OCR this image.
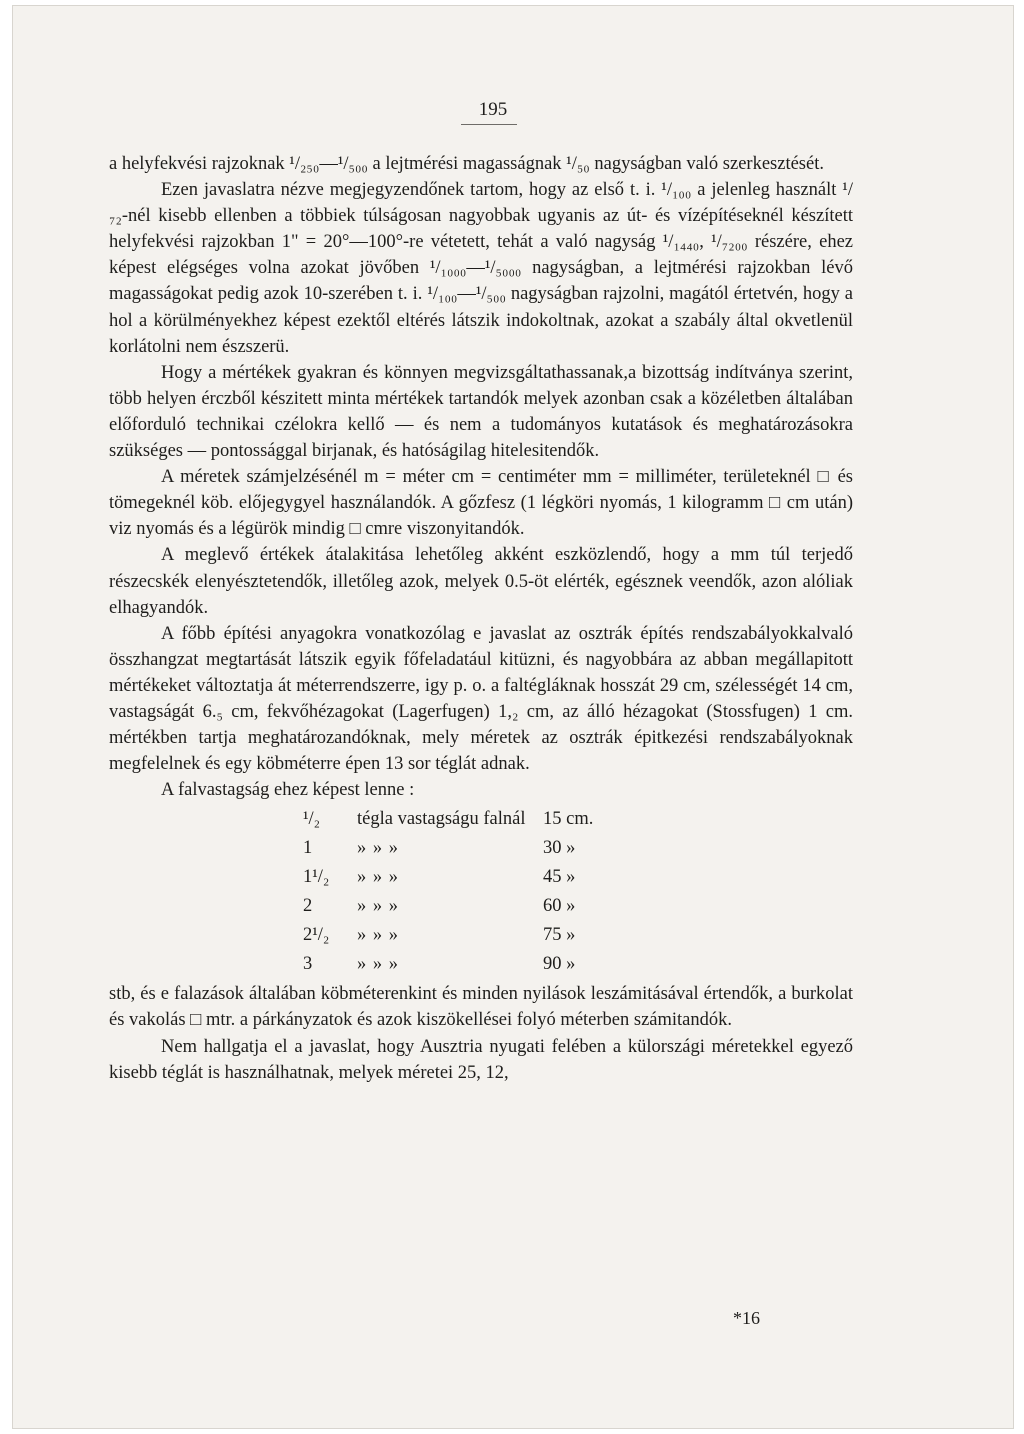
195

a helyfekvési rajzoknak ¹/₂₅₀—¹/₅₀₀ a lejtmérési magasságnak ¹/₅₀ nagyságban való szerkesztését.

Ezen javaslatra nézve megjegyzendőnek tartom, hogy az első t. i. ¹/₁₀₀ a jelenleg használt ¹/₇₂-nél kisebb ellenben a többiek túlságosan nagyobbak ugyanis az út- és vízépítéseknél készített helyfekvési rajzokban 1" = 20°—100°-re vétetett, tehát a való nagyság ¹/₁₄₄₀, ¹/₇₂₀₀ részére, ehez képest elégséges volna azokat jövőben ¹/₁₀₀₀—¹/₅₀₀₀ nagyságban, a lejtmérési rajzokban lévő magasságokat pedig azok 10-szerében t. i. ¹/₁₀₀—¹/₅₀₀ nagyságban rajzolni, magától értetvén, hogy a hol a körülményekhez képest ezektől eltérés látszik indokoltnak, azokat a szabály által okvetlenül korlátolni nem észszerü.

Hogy a mértékek gyakran és könnyen megvizsgáltathassanak,a bizottság indítványa szerint, több helyen érczből készitett minta mértékek tartandók melyek azonban csak a közéletben általában előforduló technikai czélokra kellő — és nem a tudományos kutatások és meghatározásokra szükséges — pontossággal birjanak, és hatóságilag hitelesitendők.

A méretek számjelzésénél m = méter cm = centiméter mm = milliméter, területeknél □ és tömegeknél köb. előjegygyel használandók. A gőzfesz (1 légköri nyomás, 1 kilogramm □ cm után) viz nyomás és a légürök mindig □ cmre viszonyitandók.

A meglevő értékek átalakitása lehetőleg akként eszközlendő, hogy a mm túl terjedő részecskék elenyésztetendők, illetőleg azok, melyek 0.5-öt elérték, egésznek veendők, azon alóliak elhagyandók.

A főbb építési anyagokra vonatkozólag e javaslat az osztrák építés rendszabályokkalvaló összhangzat megtartását látszik egyik főfeladatául kitüzni, és nagyobbára az abban megállapitott mértékeket változtatja át méterrendszerre, igy p. o. a faltégláknak hosszát 29 cm, szélességét 14 cm, vastagságát 6.₅ cm, fekvőhézagokat (Lagerfugen) 1,₂ cm, az álló hézagokat (Stossfugen) 1 cm. mértékben tartja meghatározandóknak, mely méretek az osztrák épitkezési rendszabályoknak megfelelnek és egy köbméterre épen 13 sor téglát adnak.

A falvastagság ehez képest lenne :

¹/₂	tégla vastagságu falnál	15 cm.
1	» » »	30 »
1¹/₂	» » »	45 »
2	» » »	60 »
2¹/₂	» » »	75 »
3	» » »	90 »

stb, és e falazások általában köbméterenkint és minden nyilások leszámitásával értendők, a burkolat és vakolás □ mtr. a párkányzatok és azok kiszökellései folyó méterben számitandók.

Nem hallgatja el a javaslat, hogy Ausztria nyugati felében a külországi méretekkel egyező kisebb téglát is használhatnak, melyek méretei 25, 12,

*16
